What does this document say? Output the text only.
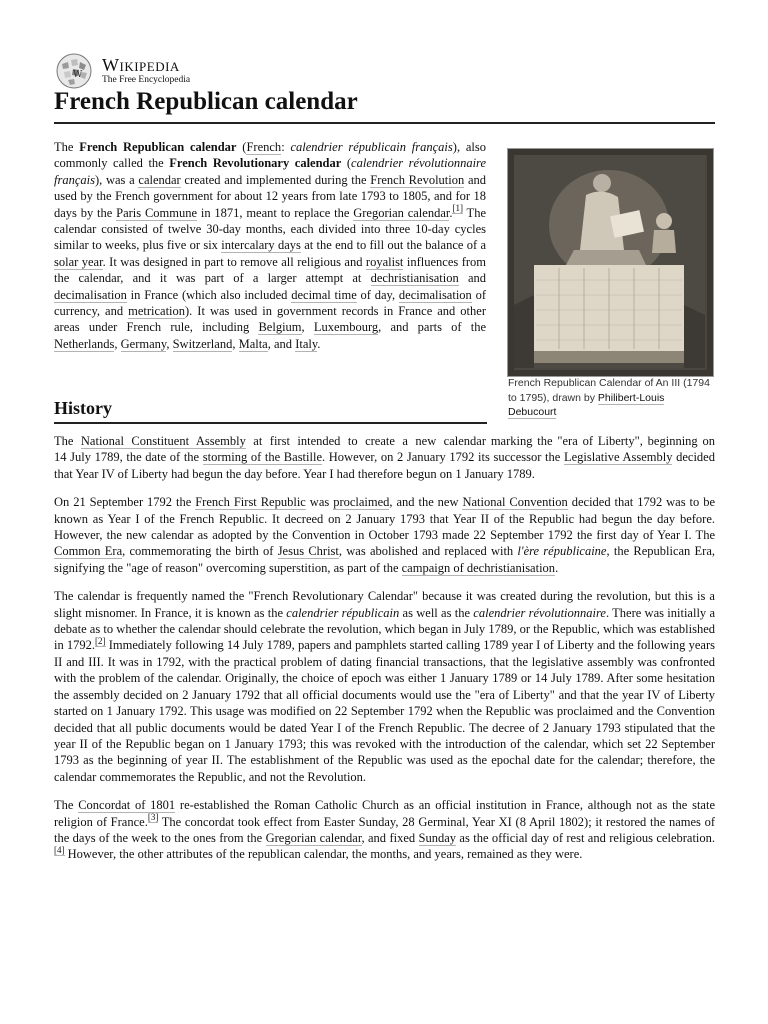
W Wikipedia
The Free Encyclopedia
French Republican calendar

The French Republican calendar (French: calendrier républicain français), also commonly called the French Revolutionary calendar (calendrier révolutionnaire français), was a calendar created and implemented during the French Revolution and used by the French government for about 12 years from late 1793 to 1805, and for 18 days by the Paris Commune in 1871, meant to replace the Gregorian calendar.[1] The calendar consisted of twelve 30-day months, each divided into three 10-day cycles similar to weeks, plus five or six intercalary days at the end to fill out the balance of a solar year. It was designed in part to remove all religious and royalist influences from the calendar, and it was part of a larger attempt at dechristianisation and decimalisation in France (which also included decimal time of day, decimalisation of currency, and metrication). It was used in government records in France and other areas under French rule, including Belgium, Luxembourg, and parts of the Netherlands, Germany, Switzerland, Malta, and Italy.

French Republican Calendar of An III (1794 to 1795), drawn by Philibert-Louis Debucourt
History

The National Constituent Assembly at first intended to create a new calendar marking the "era of Liberty", beginning on 14 July 1789, the date of the storming of the Bastille. However, on 2 January 1792 its successor the Legislative Assembly decided that Year IV of Liberty had begun the day before. Year I had therefore begun on 1 January 1789.

On 21 September 1792 the French First Republic was proclaimed, and the new National Convention decided that 1792 was to be known as Year I of the French Republic. It decreed on 2 January 1793 that Year II of the Republic had begun the day before. However, the new calendar as adopted by the Convention in October 1793 made 22 September 1792 the first day of Year I. The Common Era, commemorating the birth of Jesus Christ, was abolished and replaced with l'ère républicaine, the Republican Era, signifying the "age of reason" overcoming superstition, as part of the campaign of dechristianisation.

The calendar is frequently named the "French Revolutionary Calendar" because it was created during the revolution, but this is a slight misnomer. In France, it is known as the calendrier républicain as well as the calendrier révolutionnaire. There was initially a debate as to whether the calendar should celebrate the revolution, which began in July 1789, or the Republic, which was established in 1792.[2] Immediately following 14 July 1789, papers and pamphlets started calling 1789 year I of Liberty and the following years II and III. It was in 1792, with the practical problem of dating financial transactions, that the legislative assembly was confronted with the problem of the calendar. Originally, the choice of epoch was either 1 January 1789 or 14 July 1789. After some hesitation the assembly decided on 2 January 1792 that all official documents would use the "era of Liberty" and that the year IV of Liberty started on 1 January 1792. This usage was modified on 22 September 1792 when the Republic was proclaimed and the Convention decided that all public documents would be dated Year I of the French Republic. The decree of 2 January 1793 stipulated that the year II of the Republic began on 1 January 1793; this was revoked with the introduction of the calendar, which set 22 September 1793 as the beginning of year II. The establishment of the Republic was used as the epochal date for the calendar; therefore, the calendar commemorates the Republic, and not the Revolution.

The Concordat of 1801 re-established the Roman Catholic Church as an official institution in France, although not as the state religion of France.[3] The concordat took effect from Easter Sunday, 28 Germinal, Year XI (8 April 1802); it restored the names of the days of the week to the ones from the Gregorian calendar, and fixed Sunday as the official day of rest and religious celebration.[4] However, the other attributes of the republican calendar, the months, and years, remained as they were.
